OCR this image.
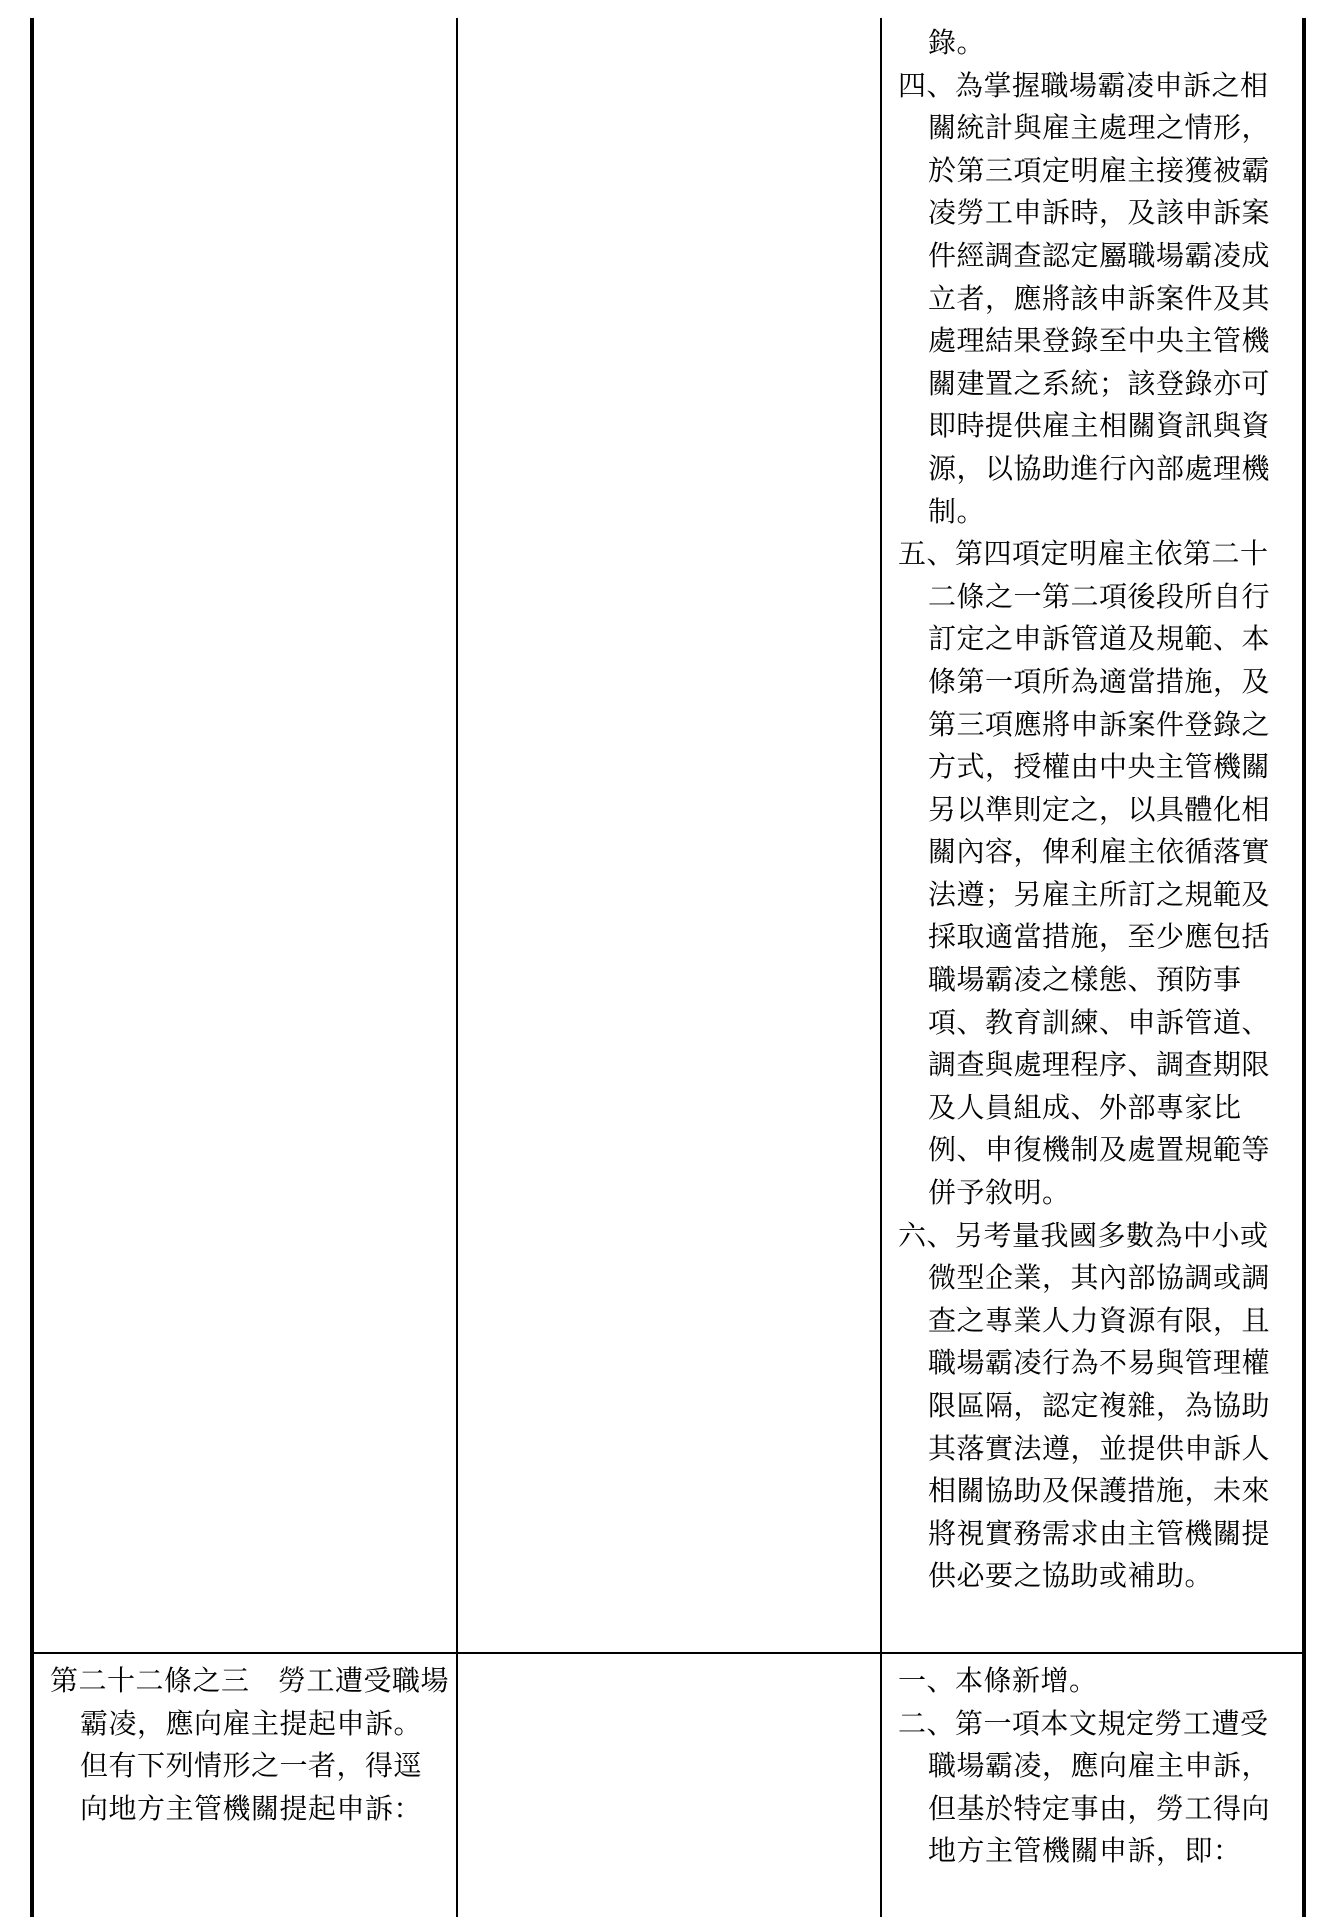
錄。

四、為掌握職場霸凌申訴之相關統計與雇主處理之情形，於第三項定明雇主接獲被霸凌勞工申訴時，及該申訴案件經調查認定屬職場霸凌成立者，應將該申訴案件及其處理結果登錄至中央主管機關建置之系統；該登錄亦可即時提供雇主相關資訊與資源，以協助進行內部處理機制。

五、第四項定明雇主依第二十二條之一第二項後段所自行訂定之申訴管道及規範、本條第一項所為適當措施，及第三項應將申訴案件登錄之方式，授權由中央主管機關另以準則定之，以具體化相關內容，俾利雇主依循落實法遵；另雇主所訂之規範及採取適當措施，至少應包括職場霸凌之樣態、預防事項、教育訓練、申訴管道、調查與處理程序、調查期限及人員組成、外部專家比例、申復機制及處置規範等併予敘明。

六、另考量我國多數為中小或微型企業，其內部協調或調查之專業人力資源有限，且職場霸凌行為不易與管理權限區隔，認定複雜，為協助其落實法遵，並提供申訴人相關協助及保護措施，未來將視實務需求由主管機關提供必要之協助或補助。

第二十二條之三　勞工遭受職場霸凌，應向雇主提起申訴。但有下列情形之一者，得逕向地方主管機關提起申訴：

一、本條新增。

二、第一項本文規定勞工遭受職場霸凌，應向雇主申訴，但基於特定事由，勞工得向地方主管機關申訴，即：
